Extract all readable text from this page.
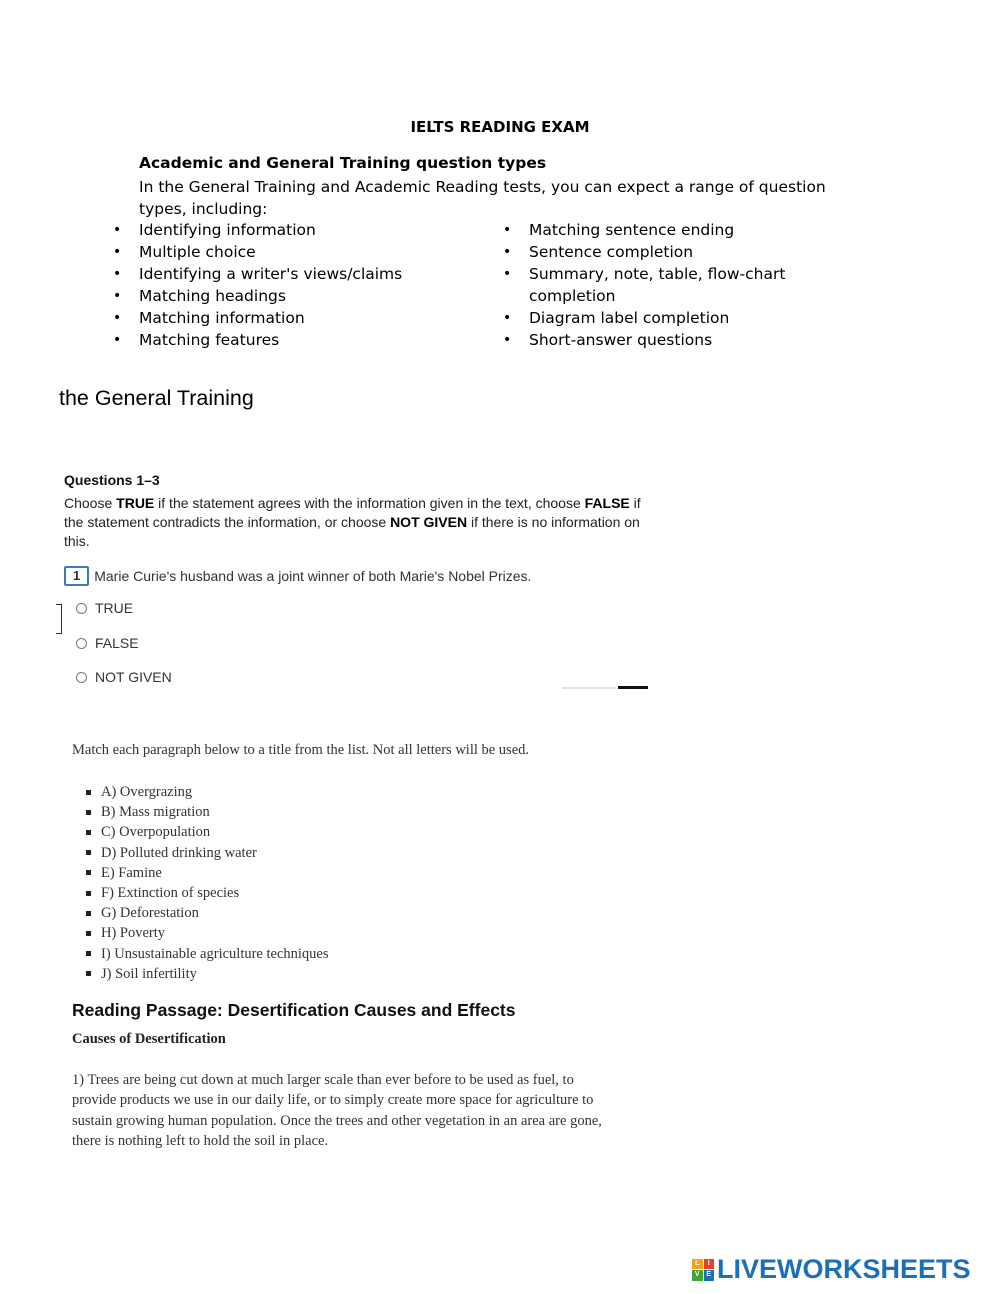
IELTS READING EXAM
Academic and General Training question types
In the General Training and Academic Reading tests, you can expect a range of question types, including:
• Identifying information
• Multiple choice
• Identifying a writer's views/claims
• Matching headings
• Matching information
• Matching features
• Matching sentence ending
• Sentence completion
• Summary, note, table, flow-chart completion
• Diagram label completion
• Short-answer questions
the General Training
Questions 1–3
Choose TRUE if the statement agrees with the information given in the text, choose FALSE if the statement contradicts the information, or choose NOT GIVEN if there is no information on this.
1	Marie Curie's husband was a joint winner of both Marie's Nobel Prizes.
TRUE
FALSE
NOT GIVEN

Match each paragraph below to a title from the list. Not all letters will be used.

A) Overgrazing
B) Mass migration
C) Overpopulation
D) Polluted drinking water
E) Famine
F) Extinction of species
G) Deforestation
H) Poverty
I) Unsustainable agriculture techniques
J) Soil infertility
Reading Passage: Desertification Causes and Effects
Causes of Desertification
1) Trees are being cut down at much larger scale than ever before to be used as fuel, to provide products we use in our daily life, or to simply create more space for agriculture to sustain growing human population. Once the trees and other vegetation in an area are gone, there is nothing left to hold the soil in place.
L	I
V E LIVEWORKSHEETS
